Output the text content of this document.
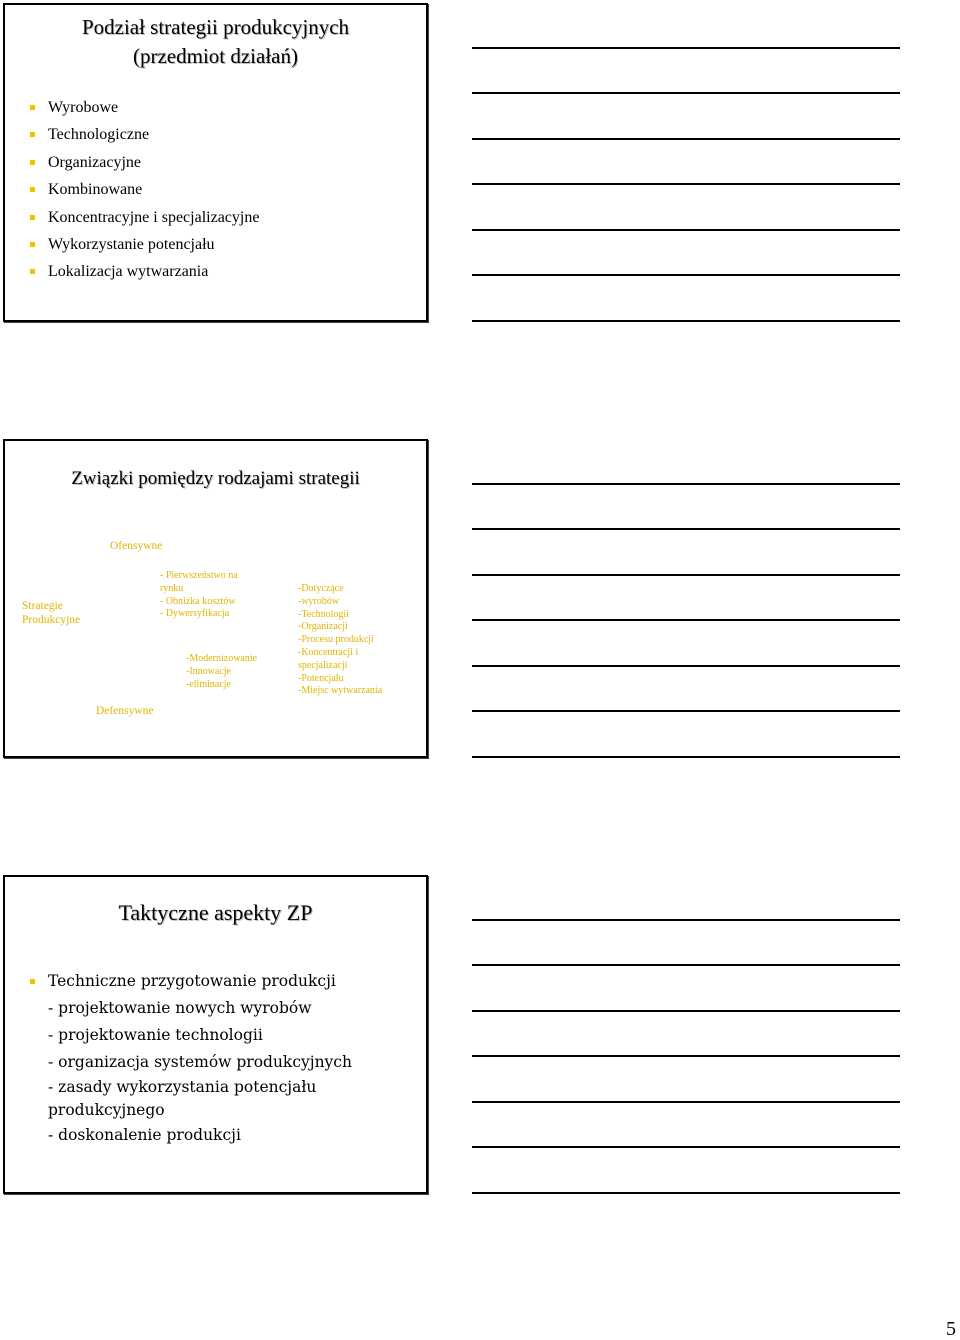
Podział strategii produkcyjnych
(przedmiot działań)
Wyrobowe
Technologiczne
Organizacyjne
Kombinowane
Koncentracyjne i specjalizacyjne
Wykorzystanie potencjału
Lokalizacja wytwarzania
Związki pomiędzy rodzajami strategii
Ofensywne
Strategie
Produkcyjne
- Pierwszeństwo na
rynku
- Obniżka kosztów
- Dywersyfikacja
-Modernizowanie
-Innowacje
-eliminacje
-Dotyczące
-wyrobów
-Technologii
-Organizacji
-Procesu produkcji
-Koncentracji i
specjalizacji
-Potencjału
-Miejsc wytwarzania
Defensywne
Taktyczne aspekty ZP
Techniczne przygotowanie produkcji
- projektowanie nowych wyrobów
- projektowanie technologii
- organizacja systemów produkcyjnych
- zasady wykorzystania potencjału
produkcyjnego
- doskonalenie produkcji
5
